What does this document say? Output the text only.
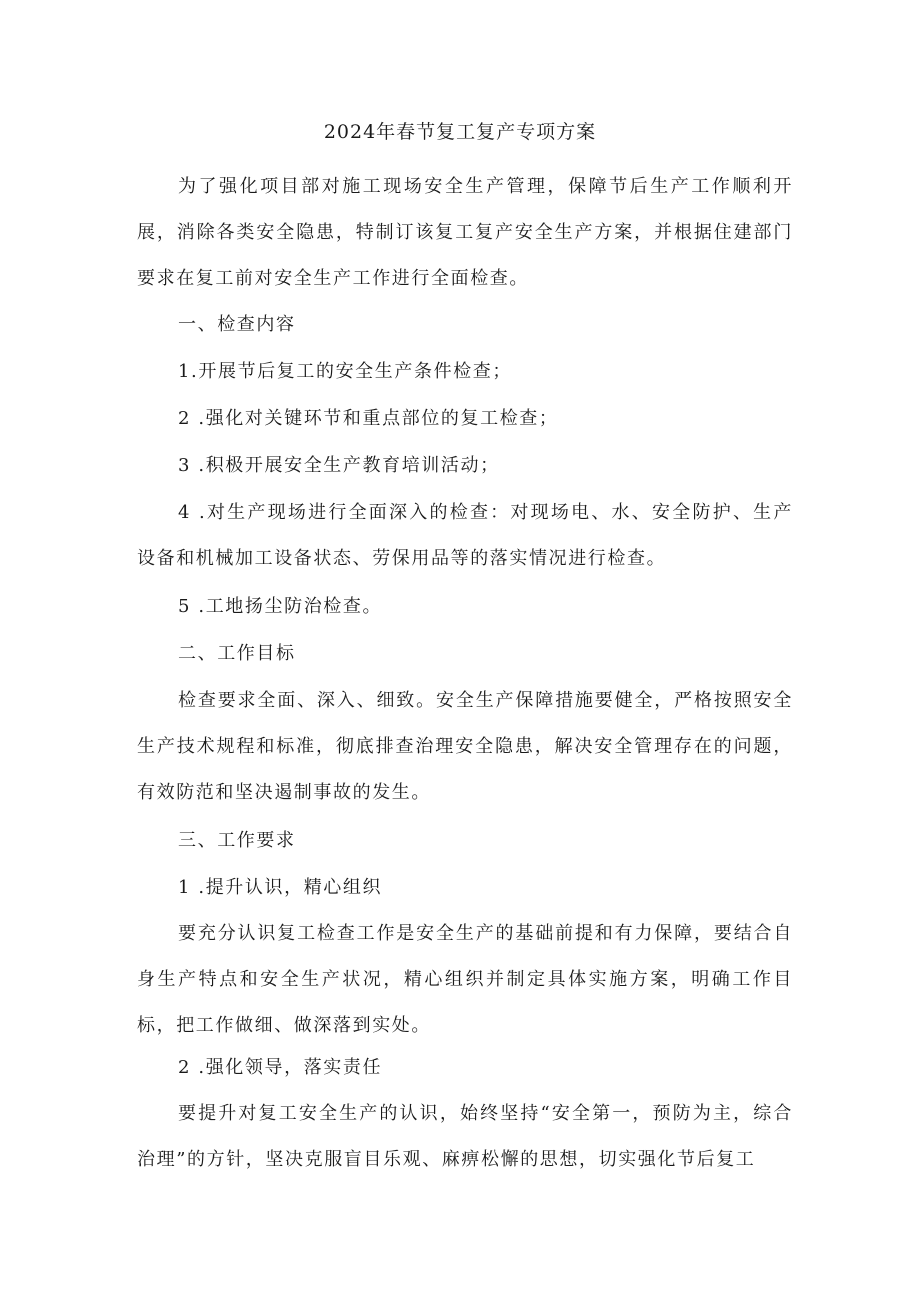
2024年春节复工复产专项方案
为了强化项目部对施工现场安全生产管理，保障节后生产工作顺利开展，消除各类安全隐患，特制订该复工复产安全生产方案，并根据住建部门要求在复工前对安全生产工作进行全面检查。
一、检查内容
1.开展节后复工的安全生产条件检查；
2 .强化对关键环节和重点部位的复工检查；
3 .积极开展安全生产教育培训活动；
4 .对生产现场进行全面深入的检查：对现场电、水、安全防护、生产设备和机械加工设备状态、劳保用品等的落实情况进行检查。
5 .工地扬尘防治检查。
二、工作目标
检查要求全面、深入、细致。安全生产保障措施要健全，严格按照安全生产技术规程和标准，彻底排查治理安全隐患，解决安全管理存在的问题，有效防范和坚决遏制事故的发生。
三、工作要求
1 .提升认识，精心组织
要充分认识复工检查工作是安全生产的基础前提和有力保障，要结合自身生产特点和安全生产状况，精心组织并制定具体实施方案，明确工作目标，把工作做细、做深落到实处。
2 .强化领导，落实责任
要提升对复工安全生产的认识，始终坚持“安全第一，预防为主，综合治理”的方针，坚决克服盲目乐观、麻痹松懈的思想，切实强化节后复工
